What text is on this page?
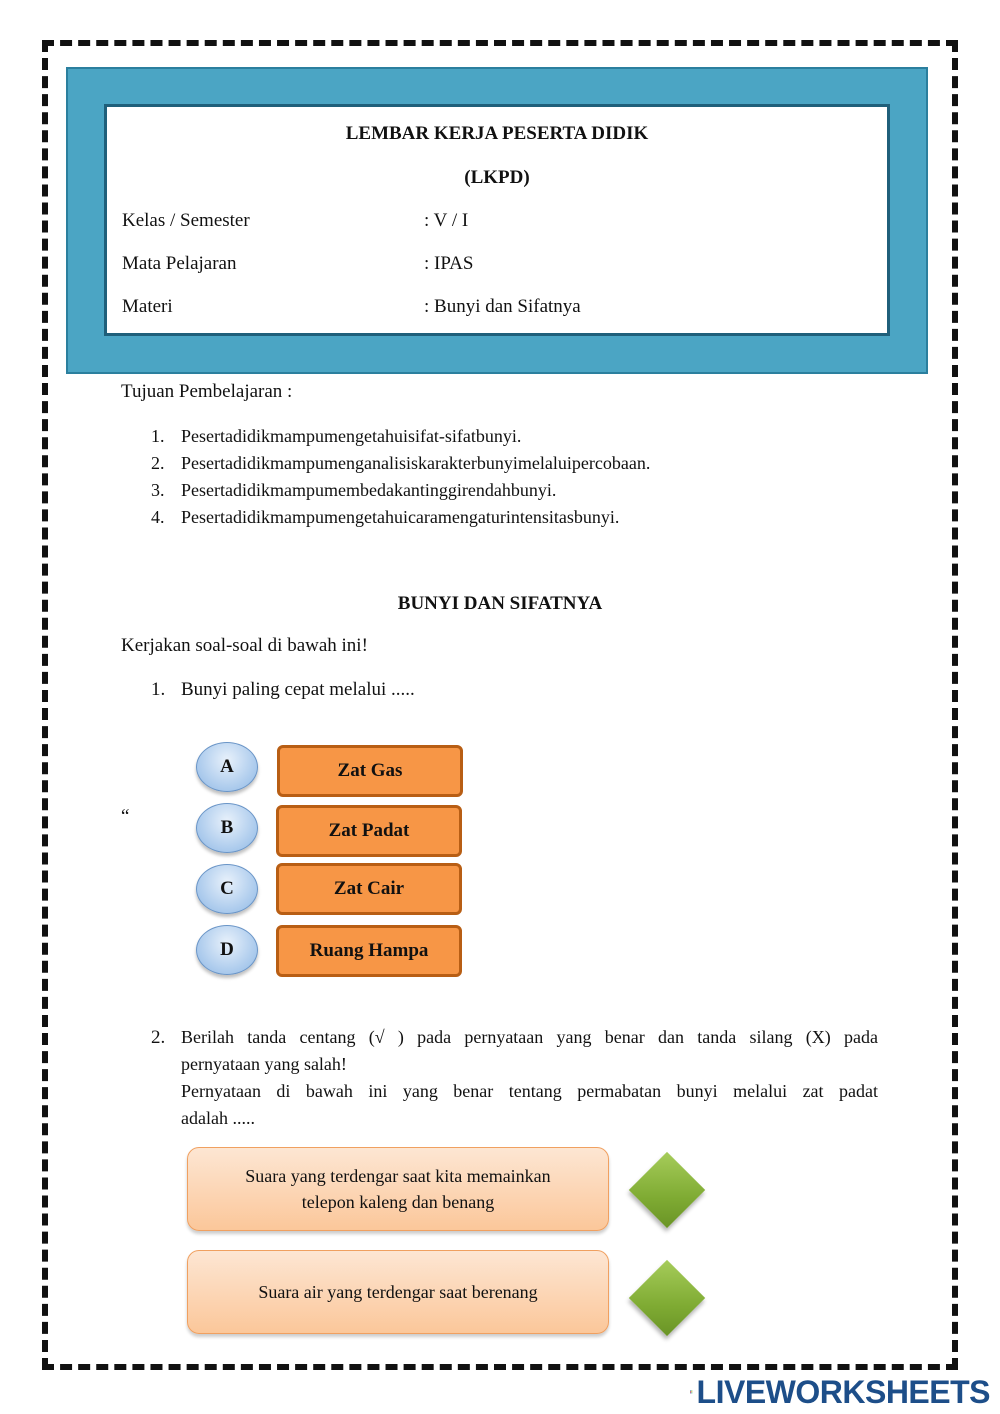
LEMBAR KERJA PESERTA DIDIK
(LKPD)
Kelas / Semester	: V / I
Mata Pelajaran	: IPAS
Materi	: Bunyi dan Sifatnya
Tujuan Pembelajaran :
1. Pesertadidikmampumengetahuisifat-sifatbunyi.
2. Pesertadidikmampumenganalisiskarakterbunyimelaluipercobaan.
3. Pesertadidikmampumembedakantinggirendahbunyi.
4. Pesertadidikmampumengetahuicaramengaturintensitasbunyi.
BUNYI DAN SIFATNYA
Kerjakan soal-soal di bawah ini!
1. Bunyi paling cepat melalui .....
“
A	Zat Gas
B	Zat Padat
C	Zat Cair
D	Ruang Hampa
2. Berilah tanda centang (√ ) pada pernyataan yang benar dan tanda silang (X) pada
pernyataan yang salah!
Pernyataan di bawah ini yang benar tentang permabatan bunyi melalui zat padat
adalah .....
Suara yang terdengar saat kita memainkan
telepon kaleng dan benang
Suara air yang terdengar saat berenang
LIVEWORKSHEETS
